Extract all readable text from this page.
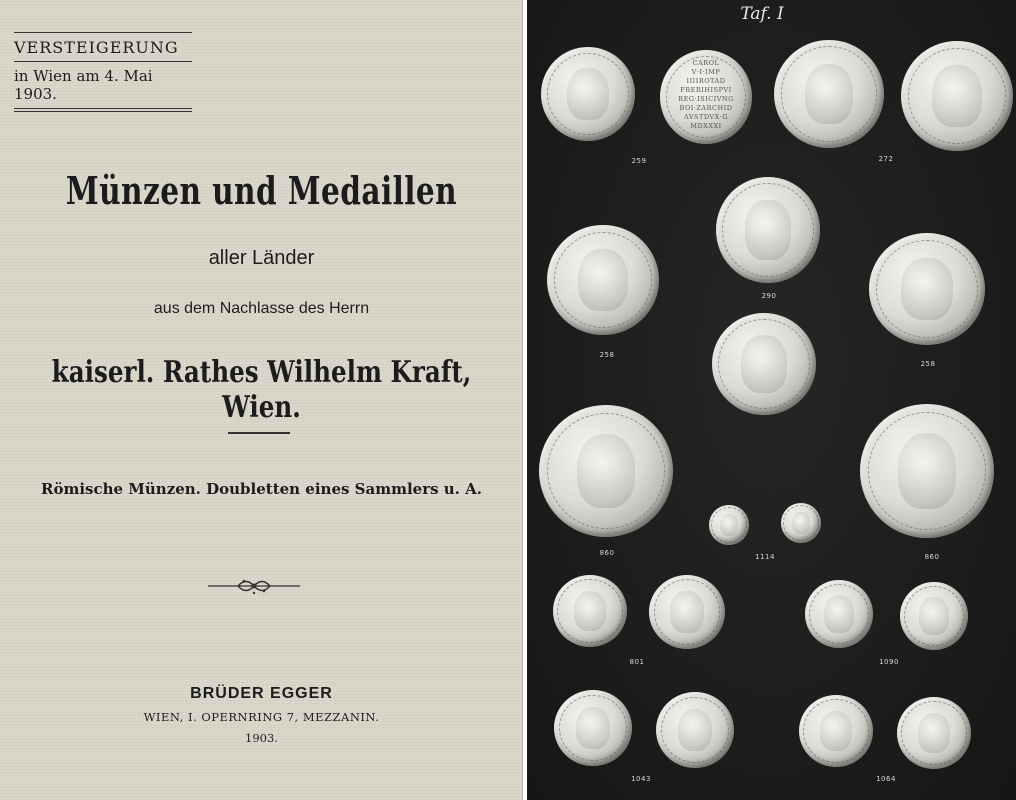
VERSTEIGERUNG
in Wien am 4. Mai 1903.
Münzen und Medaillen
aller Länder
aus dem Nachlasse des Herrn
kaiserl. Rathes Wilhelm Kraft, Wien.
Römische Münzen. Doubletten eines Sammlers u. A.
BRÜDER EGGER
WIEN, I. OPERNRING 7, MEZZANIN.
1903.
Taf. I
CAROL
V·I·IMP
IIIIROTAD
FRERIHISPVI
REG·ISICIVNG
BOI·ZARCHID
AVSTDVX·G
MDXXXI
259	272
290
258
258
860	1114	860
801	1090
1043	1064
